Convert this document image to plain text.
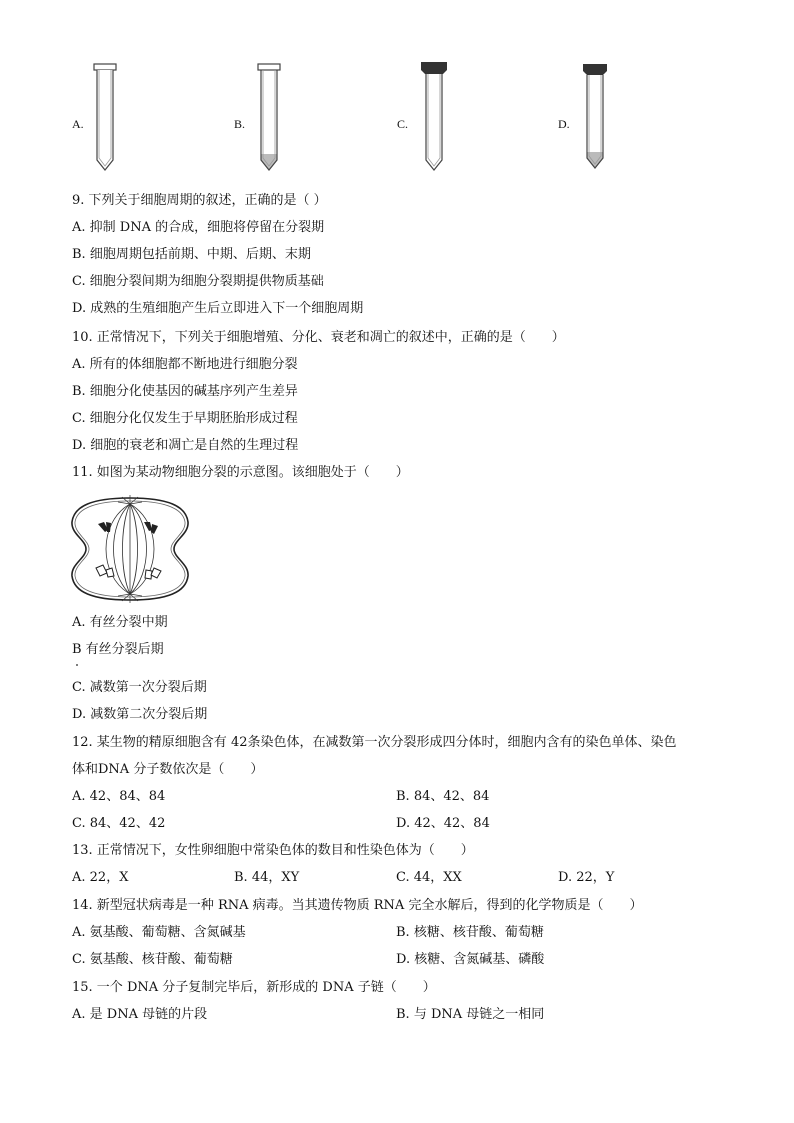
A.	B.	C.	D.
9. 下列关于细胞周期的叙述，正确的是（ ）
A. 抑制 DNA 的合成，细胞将停留在分裂期
B. 细胞周期包括前期、中期、后期、末期
C. 细胞分裂间期为细胞分裂期提供物质基础
D. 成熟的生殖细胞产生后立即进入下一个细胞周期
10. 正常情况下，下列关于细胞增殖、分化、衰老和凋亡的叙述中，正确的是（　　）
A. 所有的体细胞都不断地进行细胞分裂
B. 细胞分化使基因的碱基序列产生差异
C. 细胞分化仅发生于早期胚胎形成过程
D. 细胞的衰老和凋亡是自然的生理过程
11. 如图为某动物细胞分裂的示意图。该细胞处于（　　）
A. 有丝分裂中期
B 有丝分裂后期
C. 减数第一次分裂后期
D. 减数第二次分裂后期
12. 某生物的精原细胞含有 42条染色体，在减数第一次分裂形成四分体时，细胞内含有的染色单体、染色
体和DNA 分子数依次是（　　）
A. 42、84、84	B. 84、42、84
C. 84、42、42	D. 42、42、84
13. 正常情况下，女性卵细胞中常染色体的数目和性染色体为（　　）
A. 22，X	B. 44，XY	C. 44，XX	D. 22，Y
14. 新型冠状病毒是一种 RNA 病毒。当其遗传物质 RNA 完全水解后，得到的化学物质是（　　）
A. 氨基酸、葡萄糖、含氮碱基	B. 核糖、核苷酸、葡萄糖
C. 氨基酸、核苷酸、葡萄糖	D. 核糖、含氮碱基、磷酸
15. 一个 DNA 分子复制完毕后，新形成的 DNA 子链（　　）
A. 是 DNA 母链的片段	B. 与 DNA 母链之一相同
